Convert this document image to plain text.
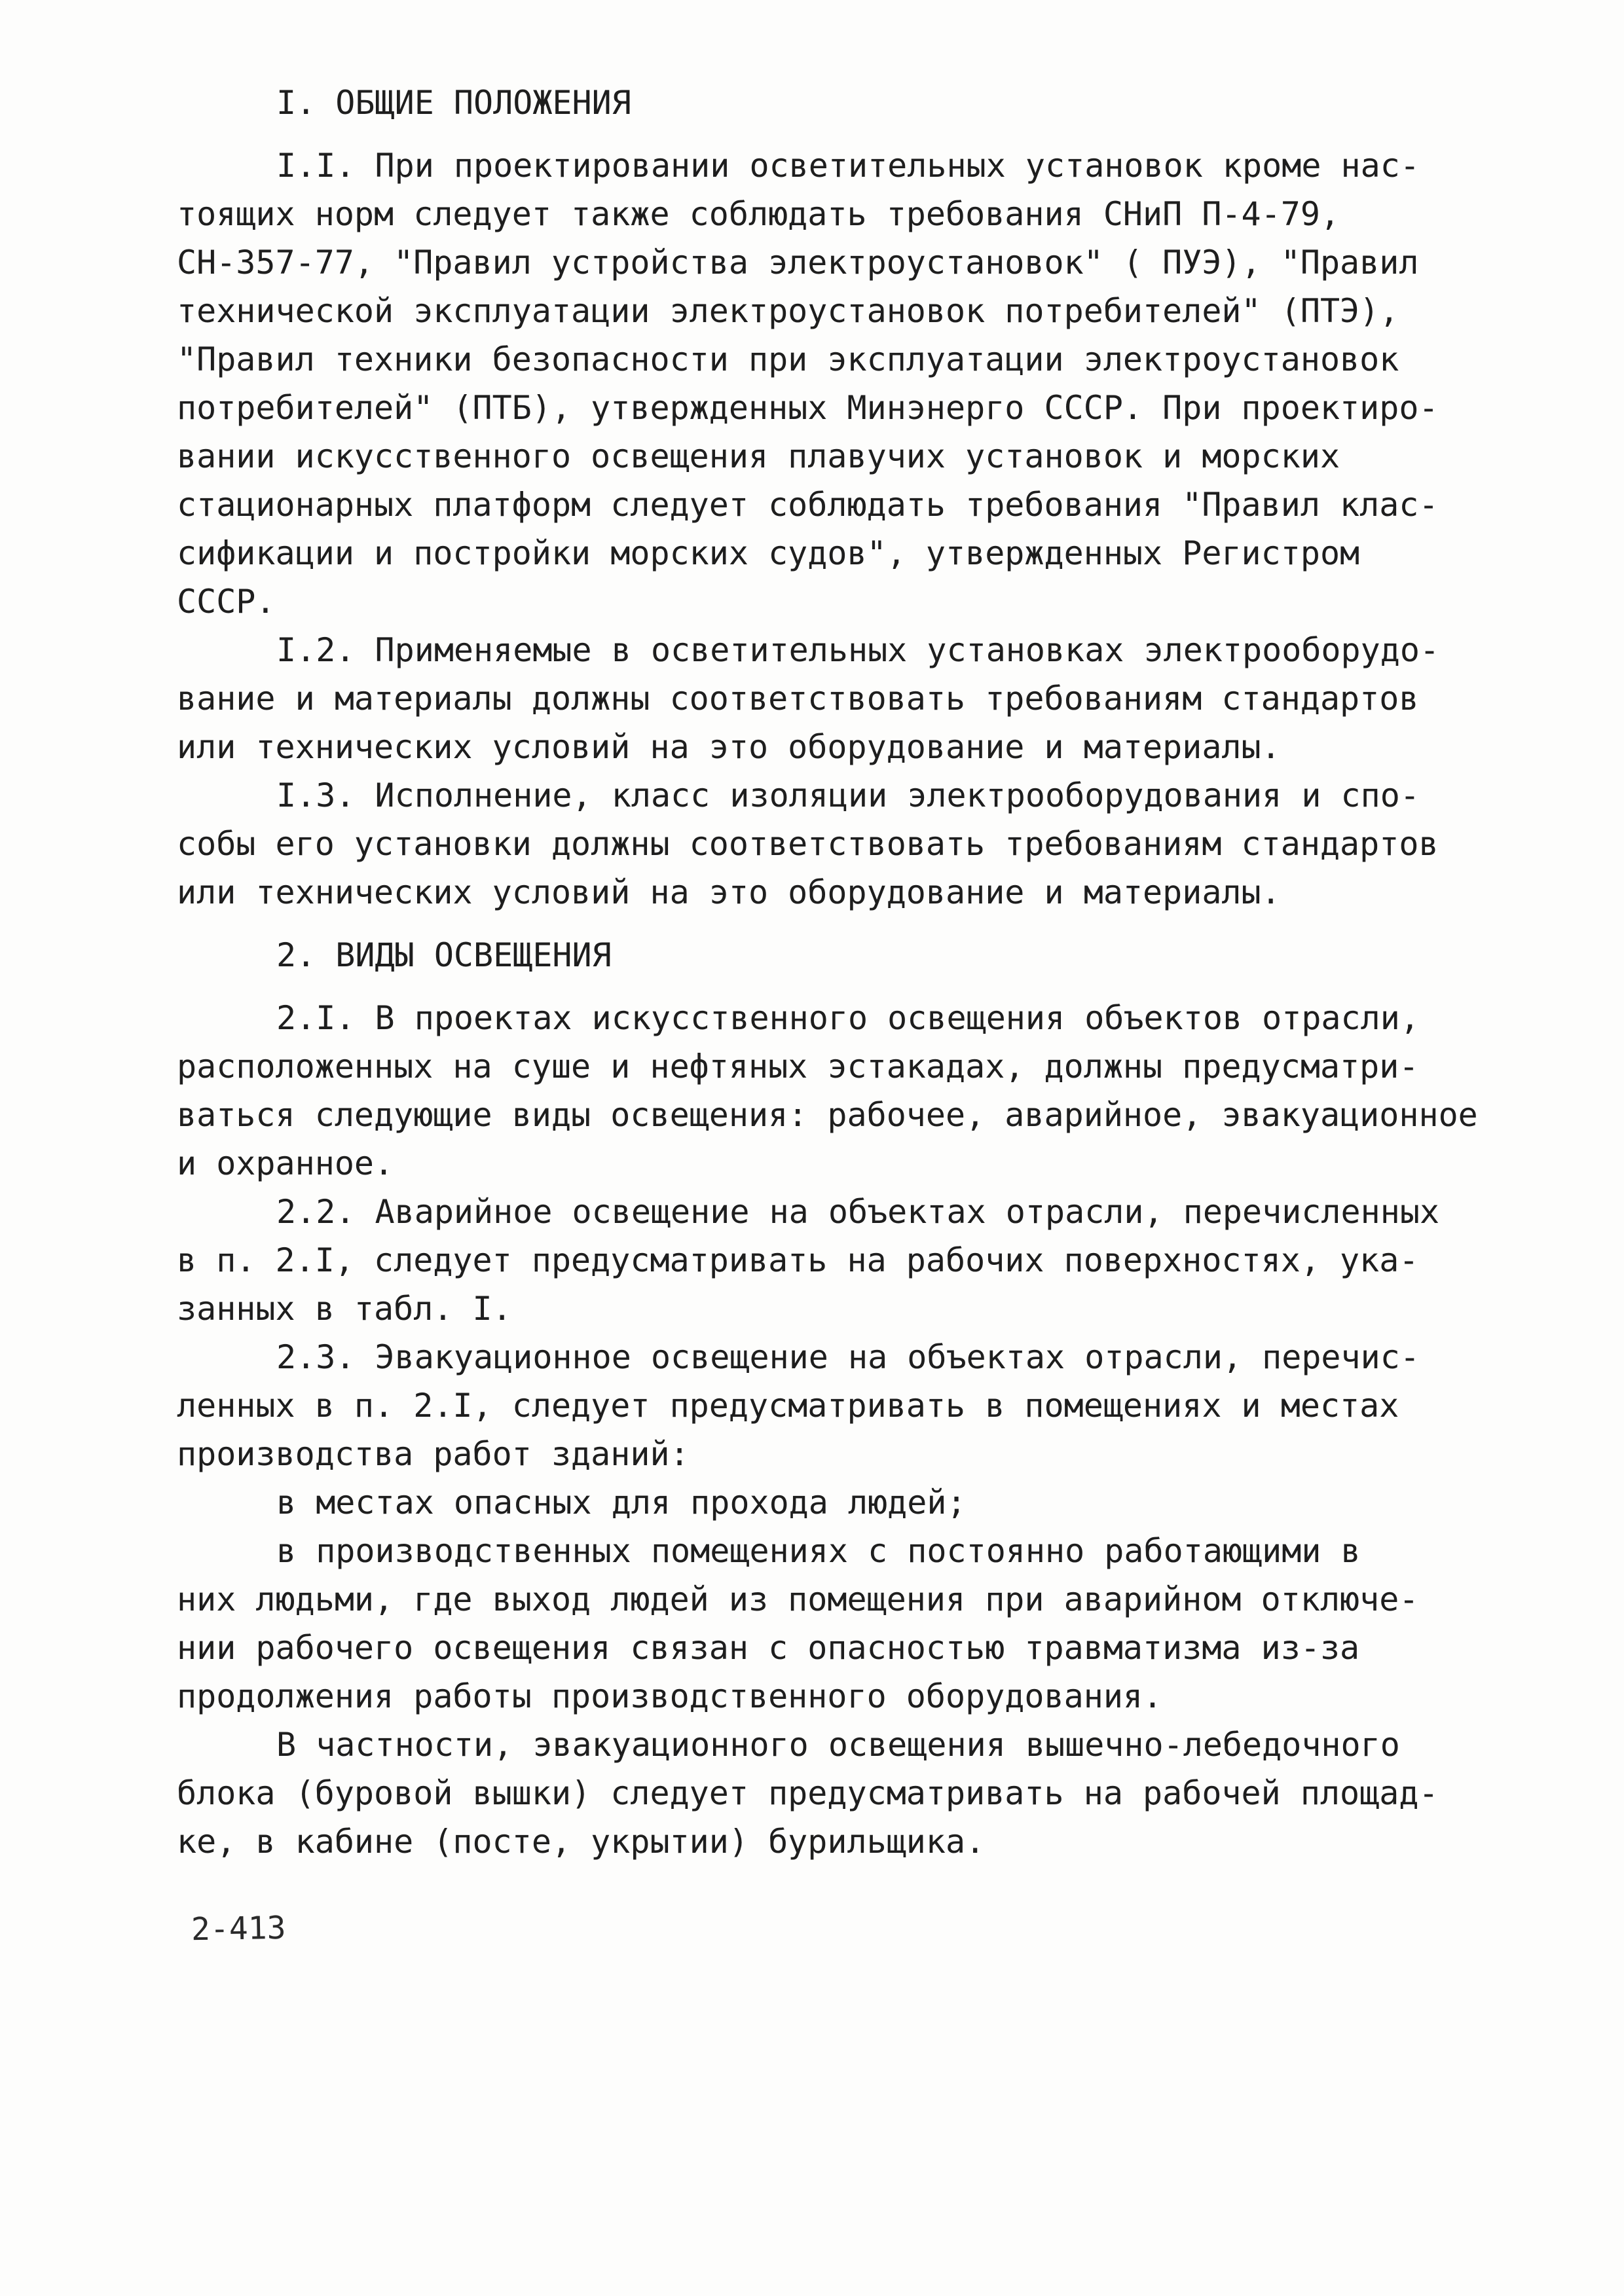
I. ОБЩИЕ ПОЛОЖЕНИЯ
I.I. При проектировании осветительных установок кроме нас-
тоящих норм следует также соблюдать требования СНиП П-4-79,
СН-357-77, "Правил устройства электроустановок" ( ПУЭ), "Правил
технической эксплуатации электроустановок потребителей" (ПТЭ),
"Правил техники безопасности при эксплуатации электроустановок
потребителей" (ПТБ), утвержденных Минэнерго СССР. При проектиро-
вании искусственного освещения плавучих установок и морских
стационарных платформ следует соблюдать требования "Правил клас-
сификации и постройки морских судов", утвержденных Регистром
СССР.
I.2. Применяемые в осветительных установках электрооборудо-
вание и материалы должны соответствовать требованиям стандартов
или технических условий на это оборудование и материалы.
I.3. Исполнение, класс изоляции электрооборудования и спо-
собы его установки должны соответствовать требованиям стандартов
или технических условий на это оборудование и материалы.
2. ВИДЫ ОСВЕЩЕНИЯ
2.I. В проектах искусственного освещения объектов отрасли,
расположенных на суше и нефтяных эстакадах, должны предусматри-
ваться следующие виды освещения: рабочее, аварийное, эвакуационное
и охранное.
2.2. Аварийное освещение на объектах отрасли, перечисленных
в п. 2.I, следует предусматривать на рабочих поверхностях, ука-
занных в табл. I.
2.3. Эвакуационное освещение на объектах отрасли, перечис-
ленных в п. 2.I, следует предусматривать в помещениях и местах
производства работ зданий:
в местах опасных для прохода людей;
в производственных помещениях с постоянно работающими в
них людьми, где выход людей из помещения при аварийном отключе-
нии рабочего освещения связан с опасностью травматизма из-за
продолжения работы производственного оборудования.
В частности, эвакуационного освещения вышечно-лебедочного
блока (буровой вышки) следует предусматривать на рабочей площад-
ке, в кабине (посте, укрытии) бурильщика.
2-413
